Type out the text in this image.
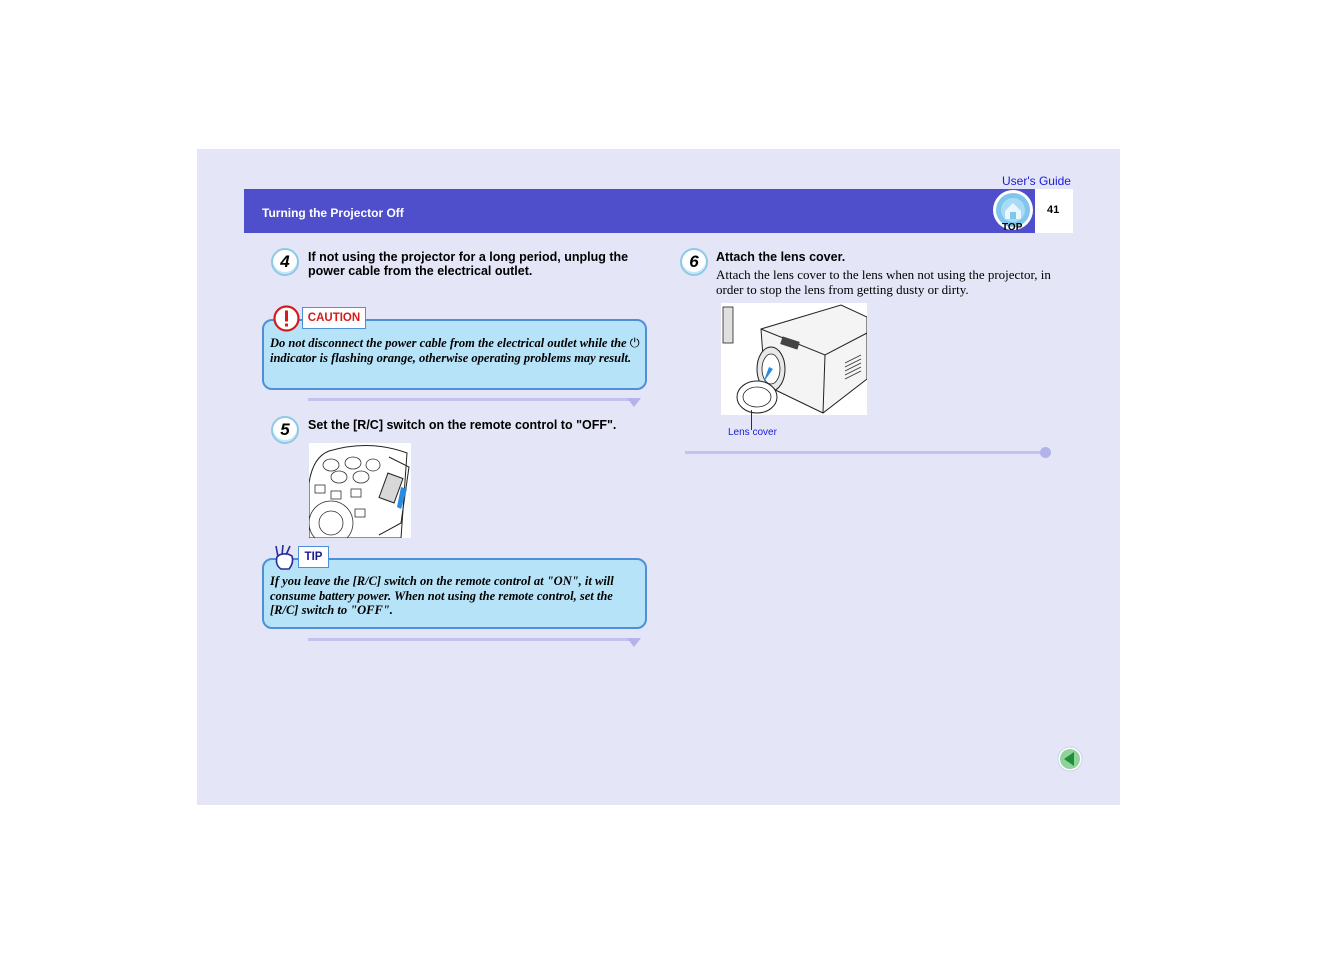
User's Guide
Turning the Projector Off
TOP
41
4	If not using the projector for a long period, unplug the power cable from the electrical outlet.
CAUTION
Do not disconnect the power cable from the electrical outlet while the ⏻ indicator is flashing orange, otherwise operating problems may result.
5	Set the [R/C] switch on the remote control to "OFF".
TIP
If you leave the [R/C] switch on the remote control at "ON", it will consume battery power. When not using the remote control, set the [R/C] switch to "OFF".
6	Attach the lens cover.
Attach the lens cover to the lens when not using the projector, in order to stop the lens from getting dusty or dirty.
Lens cover
